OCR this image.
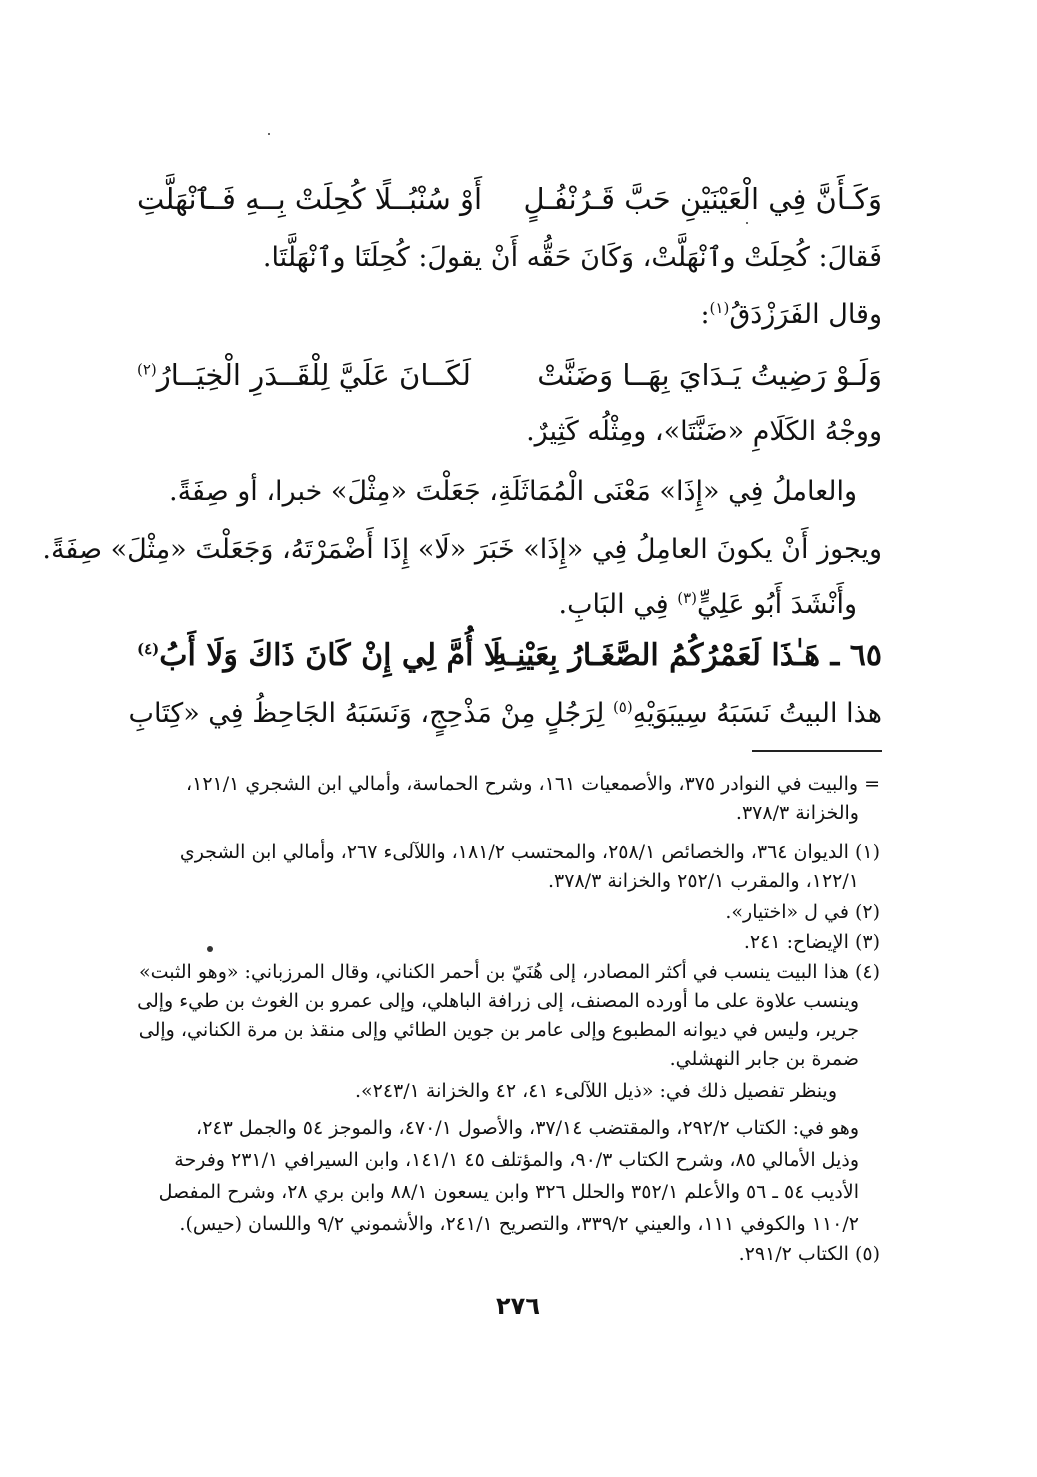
وَكَـأَنَّ فِي الْعَيْنَيْنِ حَبَّ قَـرُنْفُـلٍ
أَوْ سُنْبُــلًا كُحِلَتْ بِــهِ فَـٱنْهَلَّتِ
فَقالَ: كُحِلَتْ وٱنْهَلَّتْ، وَكَانَ حَقُّه أَنْ يقولَ: كُحِلَتَا وٱنْهَلَّتَا.
وقال الفَرَزْدَقُ$^{(١)}$:
وَلَـوْ رَضِيتُ يَـدَايَ بِهَــا وَضَنَّتْ
لَكَــانَ عَلَيَّ لِلْقَــدَرِ الْخِيَــارُ$^{(٢)}$
ووجْهُ الكَلَامِ «ضَنَّتَا»، ومِثْلُه كَثِيرٌ.
والعاملُ فِي «إِذَا» مَعْنَى الْمُمَاثَلَةِ، جَعَلْتَ «مِثْلَ» خبرا، أو صِفَةً.
ويجوز أَنْ يكونَ العامِلُ فِي «إِذَا» خَبَرَ «لَا» إِذَا أَضْمَرْتَهُ، وَجَعَلْتَ «مِثْلَ» صِفَةً.
وأَنْشَدَ أَبُو عَلِيٍّ$^{(٣)}$ فِي البَابِ.
٦٥ ـ هَـٰذَا لَعَمْرُكُمُ الصَّغَـارُ بِعَيْنِـهِ
لَا أُمَّ لِي إِنْ كَانَ ذَاكَ وَلَا أَبُ$^{(٤)}$
هذا البيتُ نَسَبَهُ سِيبَوَيْهِ$^{(٥)}$ لِرَجُلٍ مِنْ مَذْحِجٍ، وَنَسَبَهُ الجَاحِظُ فِي «كِتَابِ
= والبيت في النوادر ٣٧٥، والأصمعيات ١٦١، وشرح الحماسة، وأمالي ابن الشجري ١٢١/١،
والخزانة ٣٧٨/٣.
(١) الديوان ٣٦٤، والخصائص ٢٥٨/١، والمحتسب ١٨١/٢، واللآلىء ٢٦٧، وأمالي ابن الشجري
١٢٢/١، والمقرب ٢٥٢/١ والخزانة ٣٧٨/٣.
(٢) في ل «اختيار».
(٣) الإيضاح: ٢٤١.
(٤) هذا البيت ينسب في أكثر المصادر، إلى هُنَيّ بن أحمر الكناني، وقال المرزباني: «وهو الثبت»
وينسب علاوة على ما أورده المصنف، إلى زرافة الباهلي، وإلى عمرو بن الغوث بن طيء وإلى
جرير، وليس في ديوانه المطبوع وإلى عامر بن جوين الطائي وإلى منقذ بن مرة الكناني، وإلى
ضمرة بن جابر النهشلي.
وينظر تفصيل ذلك في: «ذيل اللآلىء ٤١، ٤٢ والخزانة ٢٤٣/١».
وهو في: الكتاب ٢٩٢/٢، والمقتضب ٣٧/١٤، والأصول ٤٧٠/١، والموجز ٥٤ والجمل ٢٤٣،
وذيل الأمالي ٨٥، وشرح الكتاب ٩٠/٣، والمؤتلف ٤٥ ١٤١/١، وابن السيرافي ٢٣١/١ وفرحة
الأديب ٥٤ ـ ٥٦ والأعلم ٣٥٢/١ والحلل ٣٢٦ وابن يسعون ٨٨/١ وابن بري ٢٨، وشرح المفصل
١١٠/٢ والكوفي ١١١، والعيني ٣٣٩/٢، والتصريح ٢٤١/١، والأشموني ٩/٢ واللسان (حيس).
(٥) الكتاب ٢٩١/٢.
٢٧٦
